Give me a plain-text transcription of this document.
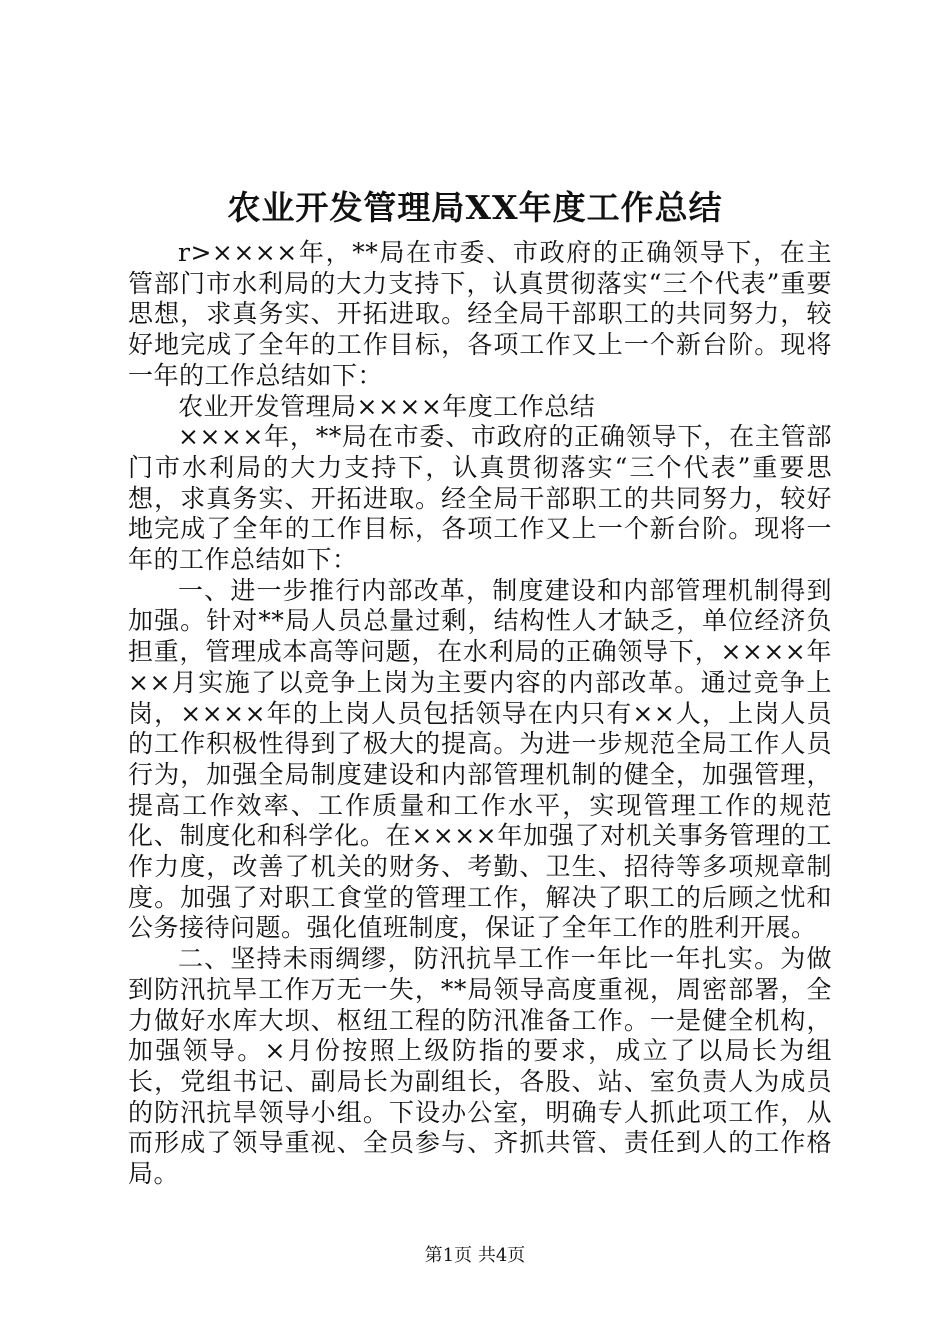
农业开发管理局XX年度工作总结

r>××××年，**局在市委、市政府的正确领导下，在主管部门市水利局的大力支持下，认真贯彻落实“三个代表”重要思想，求真务实、开拓进取。经全局干部职工的共同努力，较好地完成了全年的工作目标，各项工作又上一个新台阶。现将一年的工作总结如下：

农业开发管理局××××年度工作总结

××××年，**局在市委、市政府的正确领导下，在主管部门市水利局的大力支持下，认真贯彻落实“三个代表”重要思想，求真务实、开拓进取。经全局干部职工的共同努力，较好地完成了全年的工作目标，各项工作又上一个新台阶。现将一年的工作总结如下：

一、进一步推行内部改革，制度建设和内部管理机制得到加强。针对**局人员总量过剩，结构性人才缺乏，单位经济负担重，管理成本高等问题，在水利局的正确领导下，××××年××月实施了以竞争上岗为主要内容的内部改革。通过竞争上岗，××××年的上岗人员包括领导在内只有××人，上岗人员的工作积极性得到了极大的提高。为进一步规范全局工作人员行为，加强全局制度建设和内部管理机制的健全，加强管理，提高工作效率、工作质量和工作水平，实现管理工作的规范化、制度化和科学化。在××××年加强了对机关事务管理的工作力度，改善了机关的财务、考勤、卫生、招待等多项规章制度。加强了对职工食堂的管理工作，解决了职工的后顾之忧和公务接待问题。强化值班制度，保证了全年工作的胜利开展。

二、坚持未雨绸缪，防汛抗旱工作一年比一年扎实。为做到防汛抗旱工作万无一失，**局领导高度重视，周密部署，全力做好水库大坝、枢纽工程的防汛准备工作。一是健全机构，加强领导。×月份按照上级防指的要求，成立了以局长为组长，党组书记、副局长为副组长，各股、站、室负责人为成员的防汛抗旱领导小组。下设办公室，明确专人抓此项工作，从而形成了领导重视、全员参与、齐抓共管、责任到人的工作格局。

第1页 共4页
